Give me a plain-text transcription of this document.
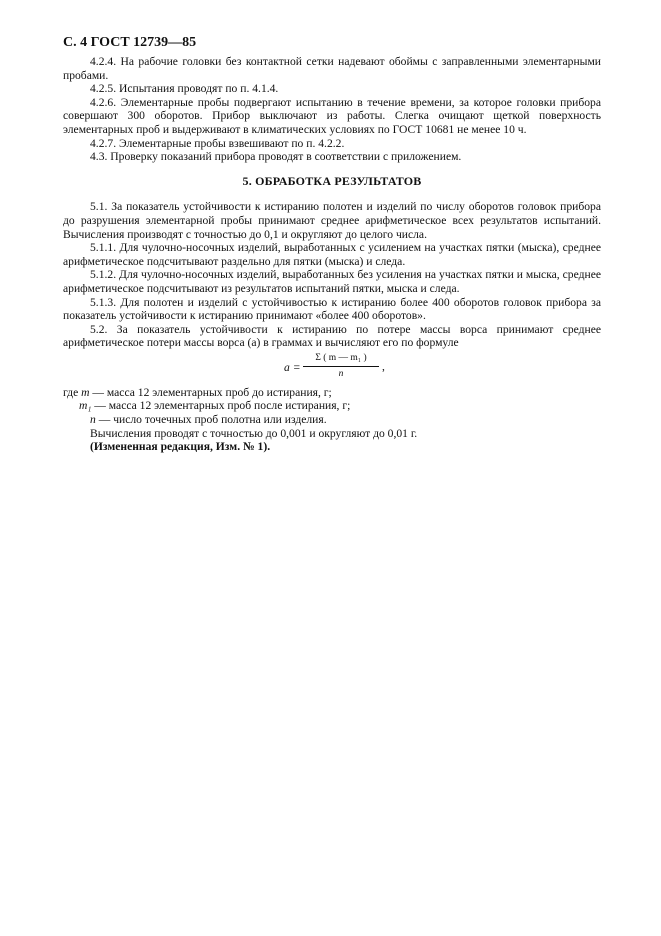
С. 4 ГОСТ 12739—85

4.2.4. На рабочие головки без контактной сетки надевают обоймы с заправленными элементарными пробами.

4.2.5. Испытания проводят по п. 4.1.4.

4.2.6. Элементарные пробы подвергают испытанию в течение времени, за которое головки прибора совершают 300 оборотов. Прибор выключают из работы. Слегка очищают щеткой поверхность элементарных проб и выдерживают в климатических условиях по ГОСТ 10681 не менее 10 ч.

4.2.7. Элементарные пробы взвешивают по п. 4.2.2.

4.3. Проверку показаний прибора проводят в соответствии с приложением.

5. ОБРАБОТКА РЕЗУЛЬТАТОВ

5.1. За показатель устойчивости к истиранию полотен и изделий по числу оборотов головок прибора до разрушения элементарной пробы принимают среднее арифметическое всех результатов испытаний. Вычисления производят с точностью до 0,1 и округляют до целого числа.

5.1.1. Для чулочно-носочных изделий, выработанных с усилением на участках пятки (мыска), среднее арифметическое подсчитывают раздельно для пятки (мыска) и следа.

5.1.2. Для чулочно-носочных изделий, выработанных без усиления на участках пятки и мыска, среднее арифметическое подсчитывают из результатов испытаний пятки, мыска и следа.

5.1.3. Для полотен и изделий с устойчивостью к истиранию более 400 оборотов головок прибора за показатель устойчивости к истиранию принимают «более 400 оборотов».

5.2. За показатель устойчивости к истиранию по потере массы ворса принимают среднее арифметическое потери массы ворса (a) в граммах и вычисляют его по формуле

a =
Σ ( m — m₁ )
n
,

где m — масса 12 элементарных проб до истирания, г;

m₁ — масса 12 элементарных проб после истирания, г;

n — число точечных проб полотна или изделия.

Вычисления проводят с точностью до 0,001 и округляют до 0,01 г.

(Измененная редакция, Изм. № 1).
